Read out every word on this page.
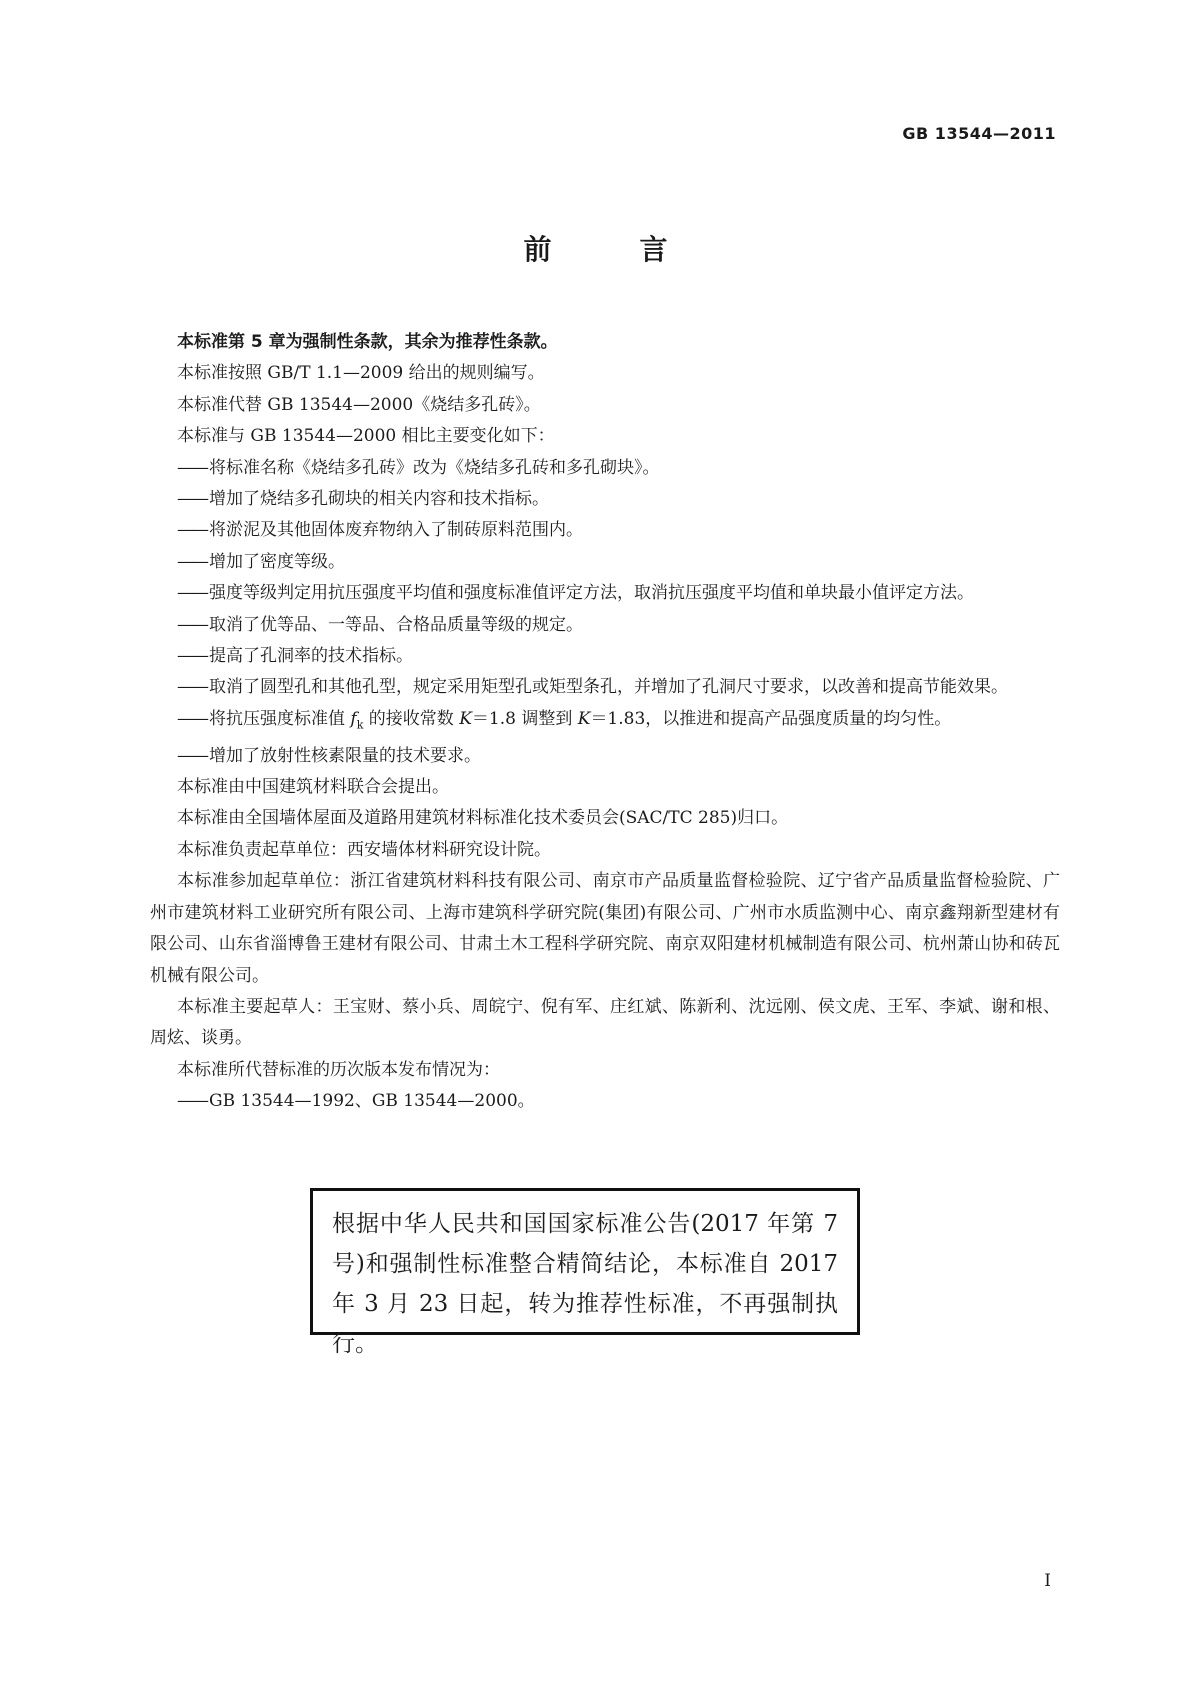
GB 13544—2011
前　言

本标准第 5 章为强制性条款，其余为推荐性条款。

本标准按照 GB/T 1.1—2009 给出的规则编写。

本标准代替 GB 13544—2000《烧结多孔砖》。

本标准与 GB 13544—2000 相比主要变化如下：

—— 将标准名称《烧结多孔砖》改为《烧结多孔砖和多孔砌块》。

—— 增加了烧结多孔砌块的相关内容和技术指标。

—— 将淤泥及其他固体废弃物纳入了制砖原料范围内。

—— 增加了密度等级。

—— 强度等级判定用抗压强度平均值和强度标准值评定方法，取消抗压强度平均值和单块最小值评定方法。

—— 取消了优等品、一等品、合格品质量等级的规定。

—— 提高了孔洞率的技术指标。

—— 取消了圆型孔和其他孔型，规定采用矩型孔或矩型条孔，并增加了孔洞尺寸要求，以改善和提高节能效果。

—— 将抗压强度标准值 $f_k$ 的接收常数 K＝1.8 调整到 K＝1.83，以推进和提高产品强度质量的均匀性。

—— 增加了放射性核素限量的技术要求。

本标准由中国建筑材料联合会提出。

本标准由全国墙体屋面及道路用建筑材料标准化技术委员会(SAC/TC 285)归口。

本标准负责起草单位：西安墙体材料研究设计院。

本标准参加起草单位：浙江省建筑材料科技有限公司、南京市产品质量监督检验院、辽宁省产品质量监督检验院、广州市建筑材料工业研究所有限公司、上海市建筑科学研究院(集团)有限公司、广州市水质监测中心、南京鑫翔新型建材有限公司、山东省淄博鲁王建材有限公司、甘肃土木工程科学研究院、南京双阳建材机械制造有限公司、杭州萧山协和砖瓦机械有限公司。

本标准主要起草人：王宝财、蔡小兵、周皖宁、倪有军、庄红斌、陈新利、沈远刚、侯文虎、王军、李斌、谢和根、周炫、谈勇。

本标准所代替标准的历次版本发布情况为：

—— GB 13544—1992、GB 13544—2000。

根据中华人民共和国国家标准公告(2017 年第 7 号)和强制性标准整合精简结论，本标准自 2017 年 3 月 23 日起，转为推荐性标准，不再强制执行。
I
